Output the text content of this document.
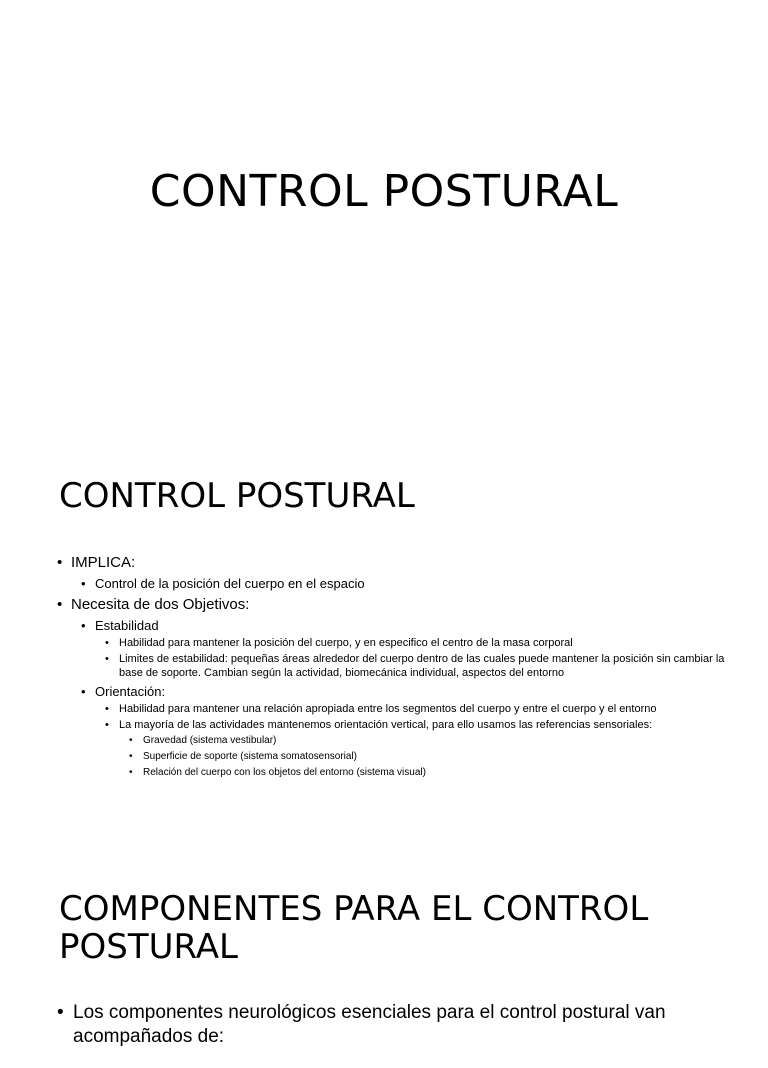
CONTROL POSTURAL
CONTROL POSTURAL

• IMPLICA:

• Control de la posición del cuerpo en el espacio

• Necesita de dos Objetivos:

• Estabilidad

• Habilidad para mantener la posición del cuerpo, y en especifico el centro de la masa corporal

• Limites de estabilidad: pequeñas áreas alrededor del cuerpo dentro de las cuales puede mantener la posición sin cambiar la base de soporte. Cambian según la actividad, biomecánica individual, aspectos del entorno

• Orientación:

• Habilidad para mantener una relación apropiada entre los segmentos del cuerpo y entre el cuerpo y el entorno

• La mayoría de las actividades mantenemos orientación vertical, para ello usamos las referencias sensoriales:

• Gravedad (sistema vestibular)

• Superficie de soporte (sistema somatosensorial)

• Relación del cuerpo con los objetos del entorno (sistema visual)

COMPONENTES PARA EL CONTROL POSTURAL

• Los componentes neurológicos esenciales para el control postural van acompañados de:
